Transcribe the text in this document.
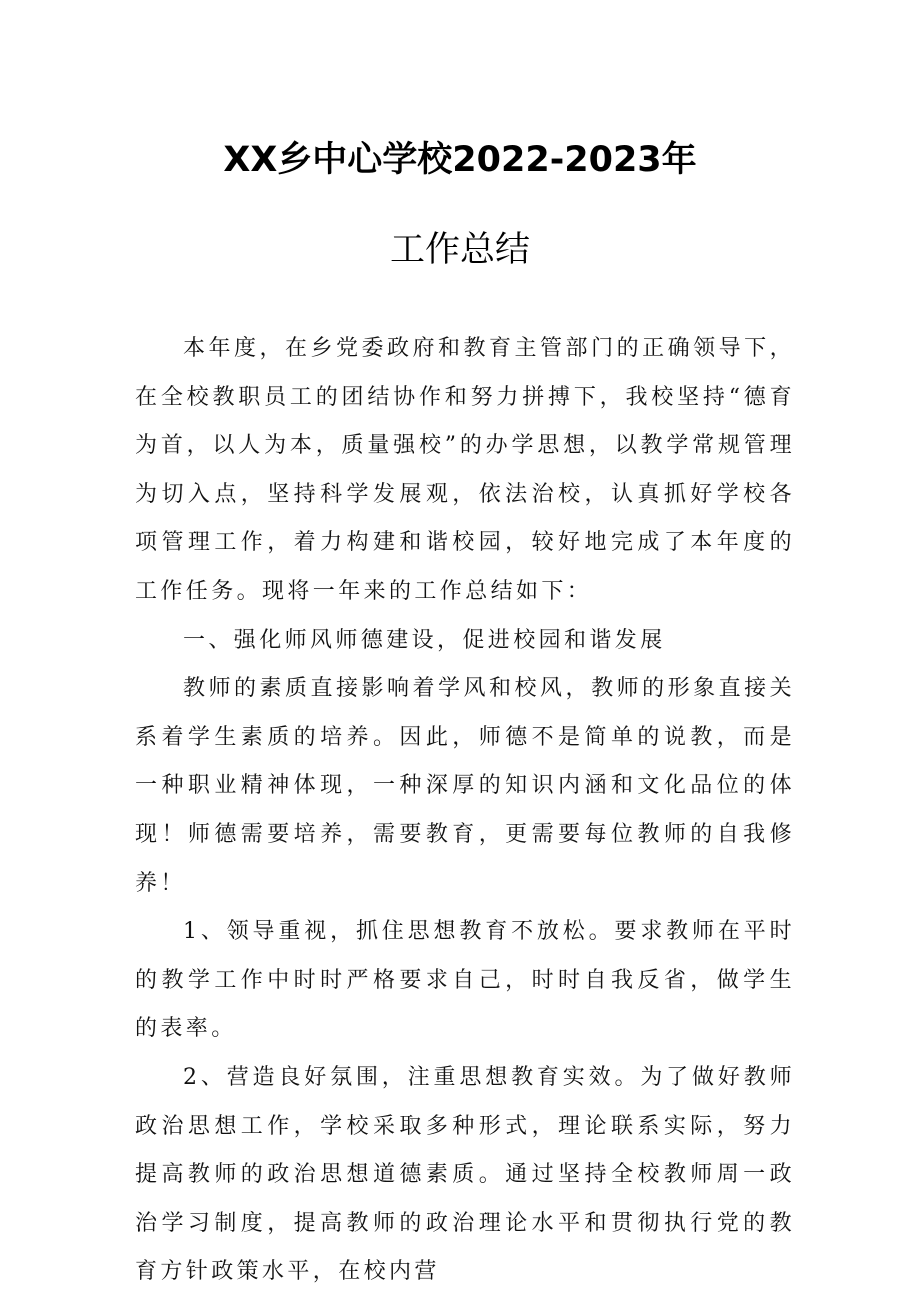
XX乡中心学校2022-2023年
工作总结

本年度，在乡党委政府和教育主管部门的正确领导下，在全校教职员工的团结协作和努力拼搏下，我校坚持“德育为首，以人为本，质量强校”的办学思想，以教学常规管理为切入点，坚持科学发展观，依法治校，认真抓好学校各项管理工作，着力构建和谐校园，较好地完成了本年度的工作任务。现将一年来的工作总结如下：

一、强化师风师德建设，促进校园和谐发展

教师的素质直接影响着学风和校风，教师的形象直接关系着学生素质的培养。因此，师德不是简单的说教，而是一种职业精神体现，一种深厚的知识内涵和文化品位的体现！师德需要培养，需要教育，更需要每位教师的自我修养！

1、领导重视，抓住思想教育不放松。要求教师在平时的教学工作中时时严格要求自己，时时自我反省，做学生的表率。

2、营造良好氛围，注重思想教育实效。为了做好教师政治思想工作，学校采取多种形式，理论联系实际，努力提高教师的政治思想道德素质。通过坚持全校教师周一政治学习制度，提高教师的政治理论水平和贯彻执行党的教育方针政策水平，在校内营
